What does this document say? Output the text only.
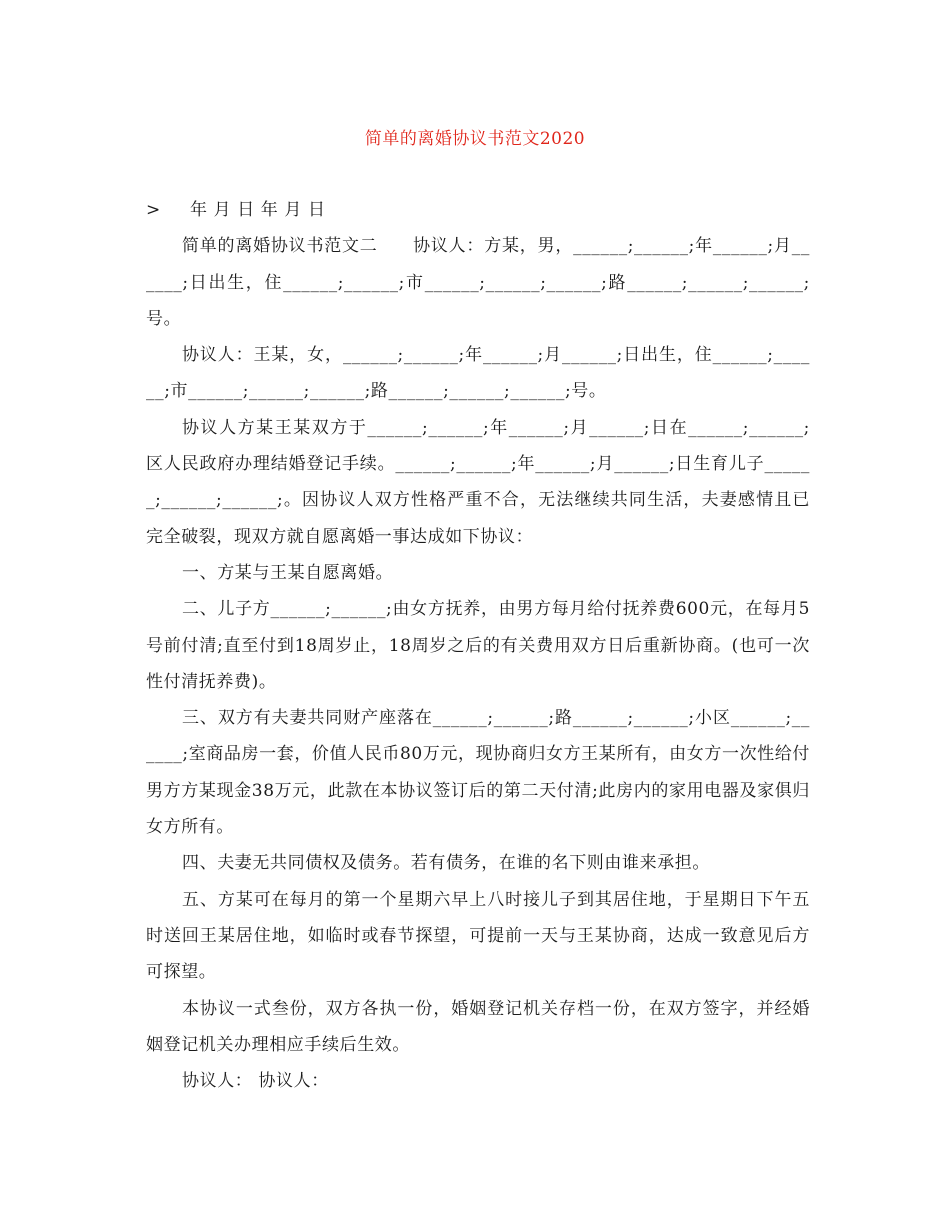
简单的离婚协议书范文2020

>	年 月 日 年 月 日

简单的离婚协议书范文二　　协议人：方某，男，______;______;年______;月______;日出生，住______;______;市______;______;______;路______;______;______;号。

协议人：王某，女，______;______;年______;月______;日出生，住______;______;市______;______;______;路______;______;______;号。

协议人方某王某双方于______;______;年______;月______;日在______;______;区人民政府办理结婚登记手续。______;______;年______;月______;日生育儿子______;______;______;。因协议人双方性格严重不合，无法继续共同生活，夫妻感情且已完全破裂，现双方就自愿离婚一事达成如下协议：

一、方某与王某自愿离婚。

二、儿子方______;______;由女方抚养，由男方每月给付抚养费600元，在每月5号前付清;直至付到18周岁止，18周岁之后的有关费用双方日后重新协商。(也可一次性付清抚养费)。

三、双方有夫妻共同财产座落在______;______;路______;______;小区______;______;室商品房一套，价值人民币80万元，现协商归女方王某所有，由女方一次性给付男方方某现金38万元，此款在本协议签订后的第二天付清;此房内的家用电器及家俱归女方所有。

四、夫妻无共同债权及债务。若有债务，在谁的名下则由谁来承担。

五、方某可在每月的第一个星期六早上八时接儿子到其居住地，于星期日下午五时送回王某居住地，如临时或春节探望，可提前一天与王某协商，达成一致意见后方可探望。

本协议一式叁份，双方各执一份，婚姻登记机关存档一份，在双方签字，并经婚姻登记机关办理相应手续后生效。

协议人： 协议人：
